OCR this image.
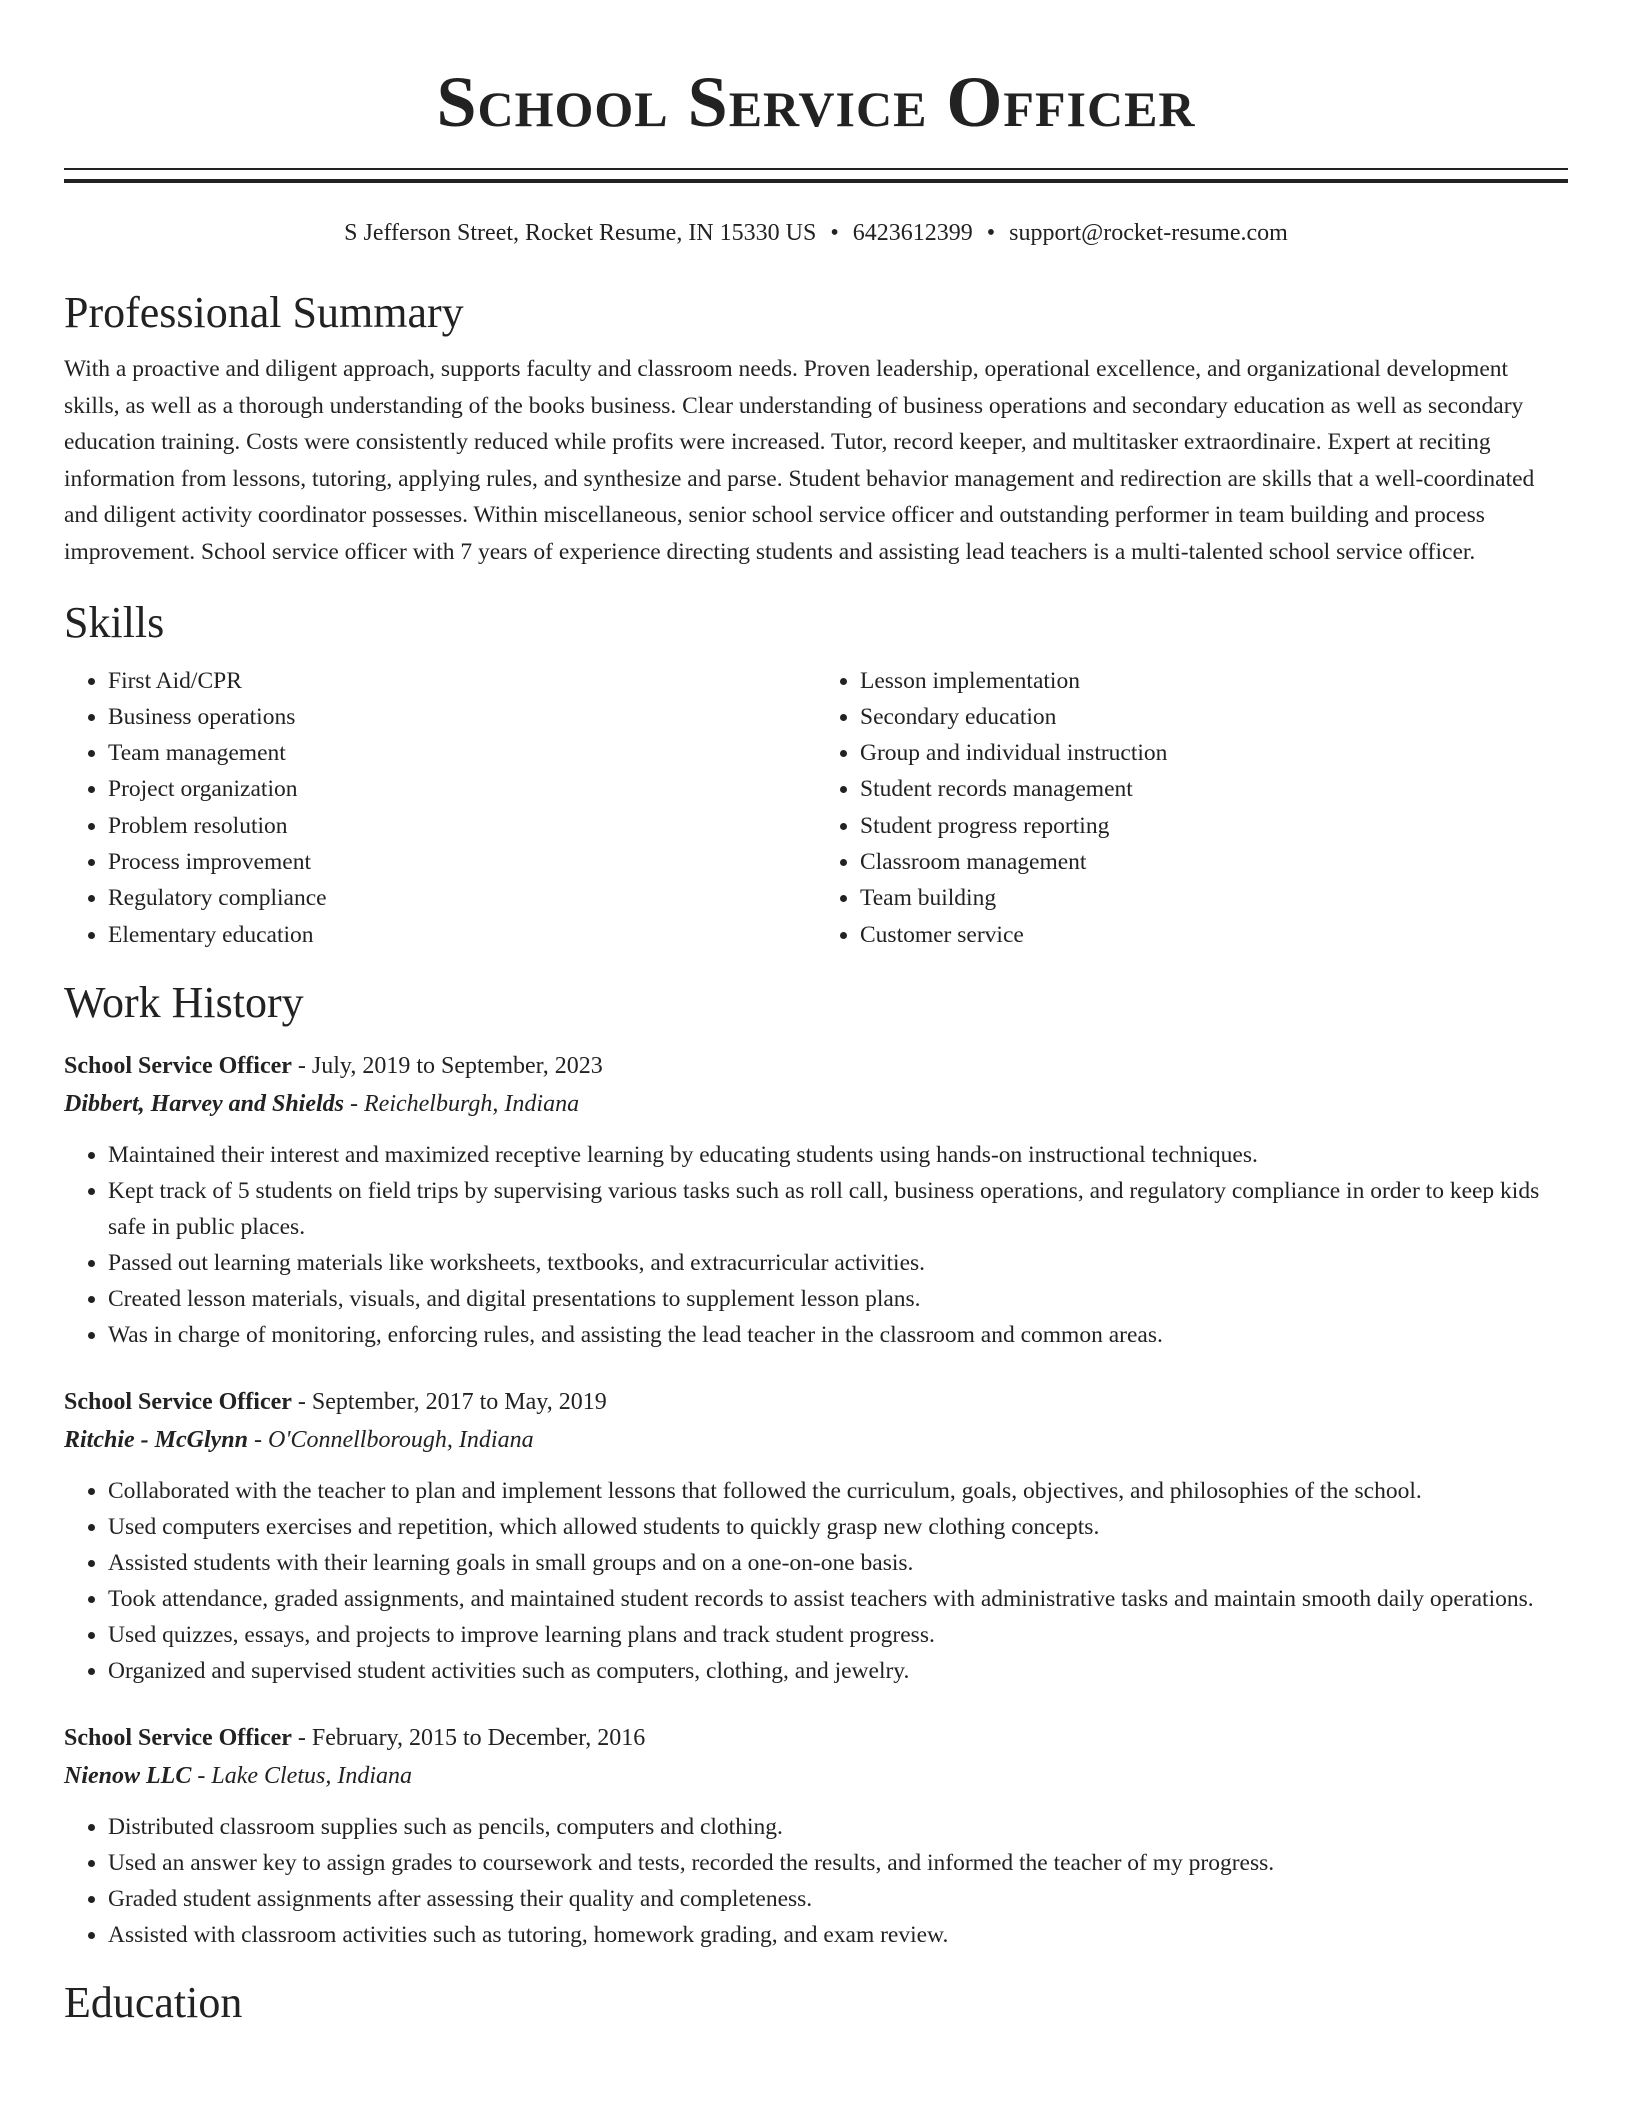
School Service Officer
S Jefferson Street, Rocket Resume, IN 15330 US • 6423612399 • support@rocket-resume.com
Professional Summary

With a proactive and diligent approach, supports faculty and classroom needs. Proven leadership, operational excellence, and organizational development skills, as well as a thorough understanding of the books business. Clear understanding of business operations and secondary education as well as secondary education training. Costs were consistently reduced while profits were increased. Tutor, record keeper, and multitasker extraordinaire. Expert at reciting information from lessons, tutoring, applying rules, and synthesize and parse. Student behavior management and redirection are skills that a well-coordinated and diligent activity coordinator possesses. Within miscellaneous, senior school service officer and outstanding performer in team building and process improvement. School service officer with 7 years of experience directing students and assisting lead teachers is a multi-talented school service officer.

Skills
• First Aid/CPR
• Business operations
• Team management
• Project organization
• Problem resolution
• Process improvement
• Regulatory compliance
• Elementary education
• Lesson implementation
• Secondary education
• Group and individual instruction
• Student records management
• Student progress reporting
• Classroom management
• Team building
• Customer service
Work History
School Service Officer - July, 2019 to September, 2023
Dibbert, Harvey and Shields - Reichelburgh, Indiana
• Maintained their interest and maximized receptive learning by educating students using hands-on instructional techniques.
• Kept track of 5 students on field trips by supervising various tasks such as roll call, business operations, and regulatory compliance in order to keep kids safe in public places.
• Passed out learning materials like worksheets, textbooks, and extracurricular activities.
• Created lesson materials, visuals, and digital presentations to supplement lesson plans.
• Was in charge of monitoring, enforcing rules, and assisting the lead teacher in the classroom and common areas.
School Service Officer - September, 2017 to May, 2019
Ritchie - McGlynn - O'Connellborough, Indiana
• Collaborated with the teacher to plan and implement lessons that followed the curriculum, goals, objectives, and philosophies of the school.
• Used computers exercises and repetition, which allowed students to quickly grasp new clothing concepts.
• Assisted students with their learning goals in small groups and on a one-on-one basis.
• Took attendance, graded assignments, and maintained student records to assist teachers with administrative tasks and maintain smooth daily operations.
• Used quizzes, essays, and projects to improve learning plans and track student progress.
• Organized and supervised student activities such as computers, clothing, and jewelry.
School Service Officer - February, 2015 to December, 2016
Nienow LLC - Lake Cletus, Indiana
• Distributed classroom supplies such as pencils, computers and clothing.
• Used an answer key to assign grades to coursework and tests, recorded the results, and informed the teacher of my progress.
• Graded student assignments after assessing their quality and completeness.
• Assisted with classroom activities such as tutoring, homework grading, and exam review.
Education
